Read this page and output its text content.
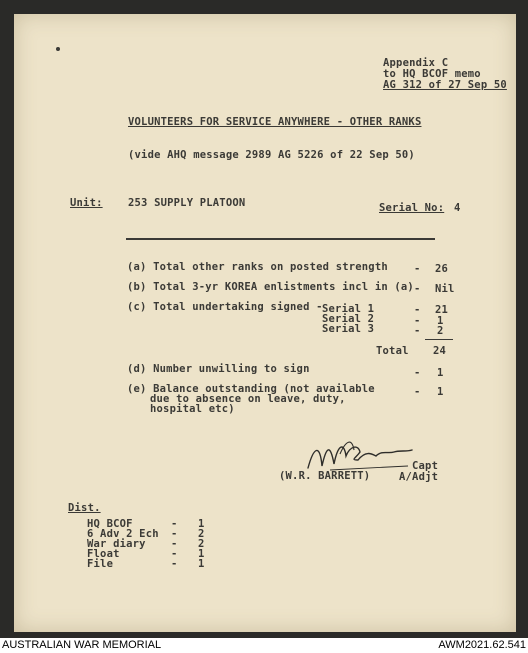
Appendix C
to HQ BCOF memo
AG 312 of 27 Sep 50
VOLUNTEERS FOR SERVICE ANYWHERE - OTHER RANKS
(vide AHQ message 2989 AG 5226 of 22 Sep 50)
Unit: 253 SUPPLY PLATOON	Serial No: 4
(a) Total other ranks on posted strength - 26
(b) Total 3-yr KOREA enlistments incl in (a) - Nil
(c) Total undertaking signed - Serial 1	- 21
Serial 2	- 1
Serial 3	- 2
Total 24
(d) Number unwilling to sign	- 1
(e) Balance outstanding (not available
due to absence on leave, duty,
hospital etc)
- 1
(W.R. BARRETT)
Capt
A/Adjt
Dist.
HQ BCOF	- 1
6 Adv 2 Ech - 2
War diary - 2
Float	- 1
File	- 1
AUSTRALIAN WAR MEMORIAL	AWM2021.62.541
